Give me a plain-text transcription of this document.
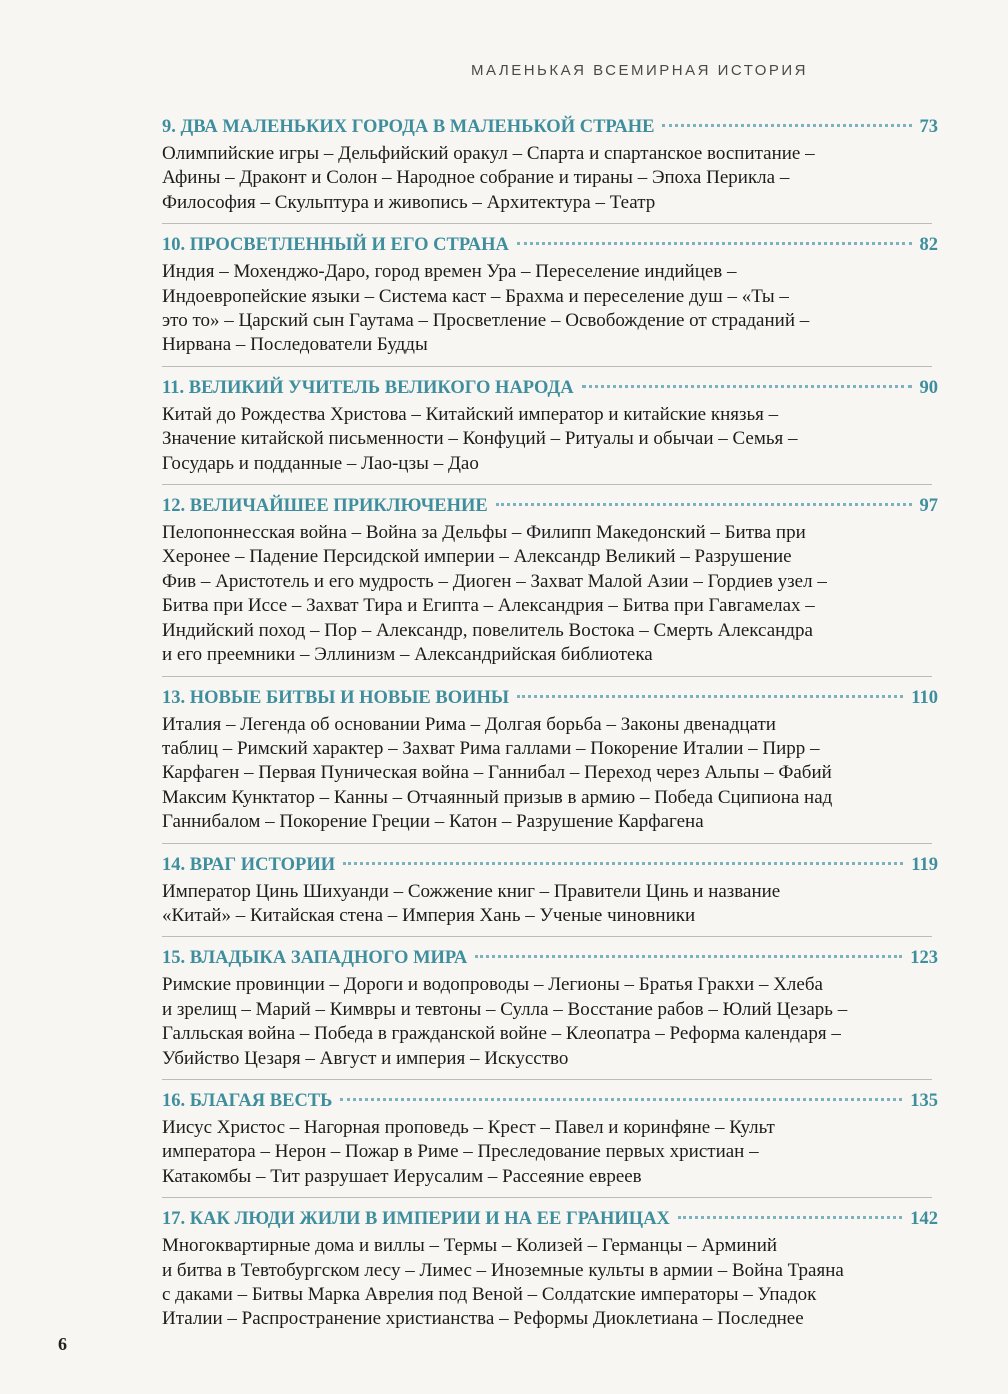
МАЛЕНЬКАЯ ВСЕМИРНАЯ ИСТОРИЯ
9. ДВА МАЛЕНЬКИХ ГОРОДА В МАЛЕНЬКОЙ СТРАНЕ	73
Олимпийские игры – Дельфийский оракул – Спарта и спартанское воспитание –
Афины – Драконт и Солон – Народное собрание и тираны – Эпоха Перикла –
Философия – Скульптура и живопись – Архитектура – Театр
10. ПРОСВЕТЛЕННЫЙ И ЕГО СТРАНА	82
Индия – Мохенджо-Даро, город времен Ура – Переселение индийцев –
Индоевропейские языки – Система каст – Брахма и переселение душ – «Ты –
это то» – Царский сын Гаутама – Просветление – Освобождение от страданий –
Нирвана – Последователи Будды
11. ВЕЛИКИЙ УЧИТЕЛЬ ВЕЛИКОГО НАРОДА	90
Китай до Рождества Христова – Китайский император и китайские князья –
Значение китайской письменности – Конфуций – Ритуалы и обычаи – Семья –
Государь и подданные – Лао-цзы – Дао
12. ВЕЛИЧАЙШЕЕ ПРИКЛЮЧЕНИЕ	97
Пелопоннесская война – Война за Дельфы – Филипп Македонский – Битва при
Херонее – Падение Персидской империи – Александр Великий – Разрушение
Фив – Аристотель и его мудрость – Диоген – Захват Малой Азии – Гордиев узел –
Битва при Иссе – Захват Тира и Египта – Александрия – Битва при Гавгамелах –
Индийский поход – Пор – Александр, повелитель Востока – Смерть Александра
и его преемники – Эллинизм – Александрийская библиотека
13. НОВЫЕ БИТВЫ И НОВЫЕ ВОИНЫ	110
Италия – Легенда об основании Рима – Долгая борьба – Законы двенадцати
таблиц – Римский характер – Захват Рима галлами – Покорение Италии – Пирр –
Карфаген – Первая Пуническая война – Ганнибал – Переход через Альпы – Фабий
Максим Кунктатор – Канны – Отчаянный призыв в армию – Победа Сципиона над
Ганнибалом – Покорение Греции – Катон – Разрушение Карфагена
14. ВРАГ ИСТОРИИ	119
Император Цинь Шихуанди – Сожжение книг – Правители Цинь и название
«Китай» – Китайская стена – Империя Хань – Ученые чиновники
15. ВЛАДЫКА ЗАПАДНОГО МИРА	123
Римские провинции – Дороги и водопроводы – Легионы – Братья Гракхи – Хлеба
и зрелищ – Марий – Кимвры и тевтоны – Сулла – Восстание рабов – Юлий Цезарь –
Галльская война – Победа в гражданской войне – Клеопатра – Реформа календаря –
Убийство Цезаря – Август и империя – Искусство
16. БЛАГАЯ ВЕСТЬ	135
Иисус Христос – Нагорная проповедь – Крест – Павел и коринфяне – Культ
императора – Нерон – Пожар в Риме – Преследование первых христиан –
Катакомбы – Тит разрушает Иерусалим – Рассеяние евреев
17. КАК ЛЮДИ ЖИЛИ В ИМПЕРИИ И НА ЕЕ ГРАНИЦАХ	142
Многоквартирные дома и виллы – Термы – Колизей – Германцы – Арминий
и битва в Тевтобургском лесу – Лимес – Иноземные культы в армии – Война Траяна
с даками – Битвы Марка Аврелия под Веной – Солдатские императоры – Упадок
Италии – Распространение христианства – Реформы Диоклетиана – Последнее
6
